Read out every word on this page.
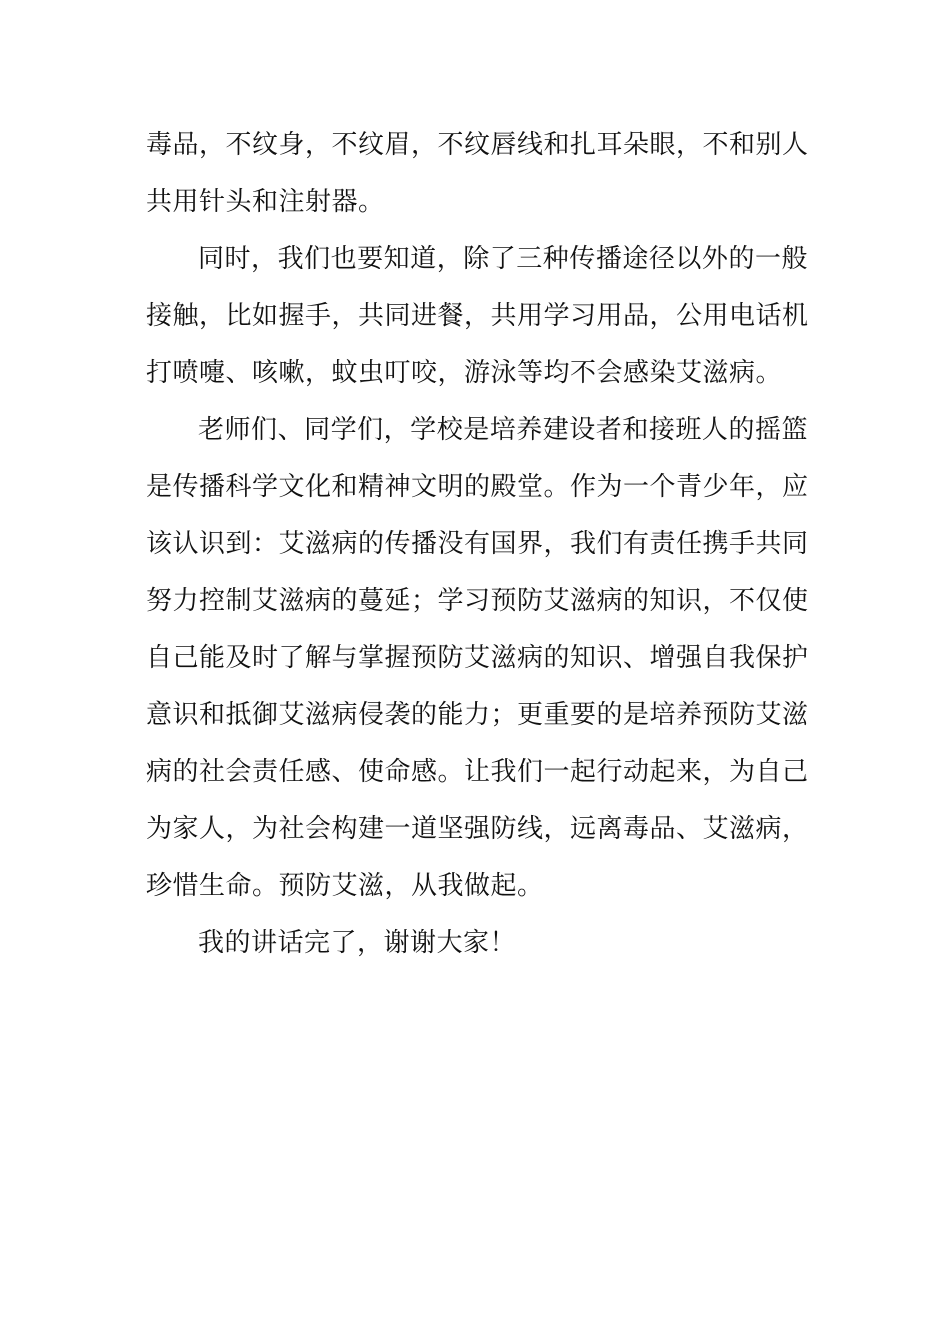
毒品，不纹身，不纹眉，不纹唇线和扎耳朵眼，不和别人
共用针头和注射器。
同时，我们也要知道，除了三种传播途径以外的一般
接触，比如握手，共同进餐，共用学习用品，公用电话机
打喷嚏、咳嗽，蚊虫叮咬，游泳等均不会感染艾滋病。
老师们、同学们，学校是培养建设者和接班人的摇篮
是传播科学文化和精神文明的殿堂。作为一个青少年，应
该认识到：艾滋病的传播没有国界，我们有责任携手共同
努力控制艾滋病的蔓延；学习预防艾滋病的知识，不仅使
自己能及时了解与掌握预防艾滋病的知识、增强自我保护
意识和抵御艾滋病侵袭的能力；更重要的是培养预防艾滋
病的社会责任感、使命感。让我们一起行动起来，为自己
为家人，为社会构建一道坚强防线，远离毒品、艾滋病，
珍惜生命。预防艾滋，从我做起。
我的讲话完了，谢谢大家！
